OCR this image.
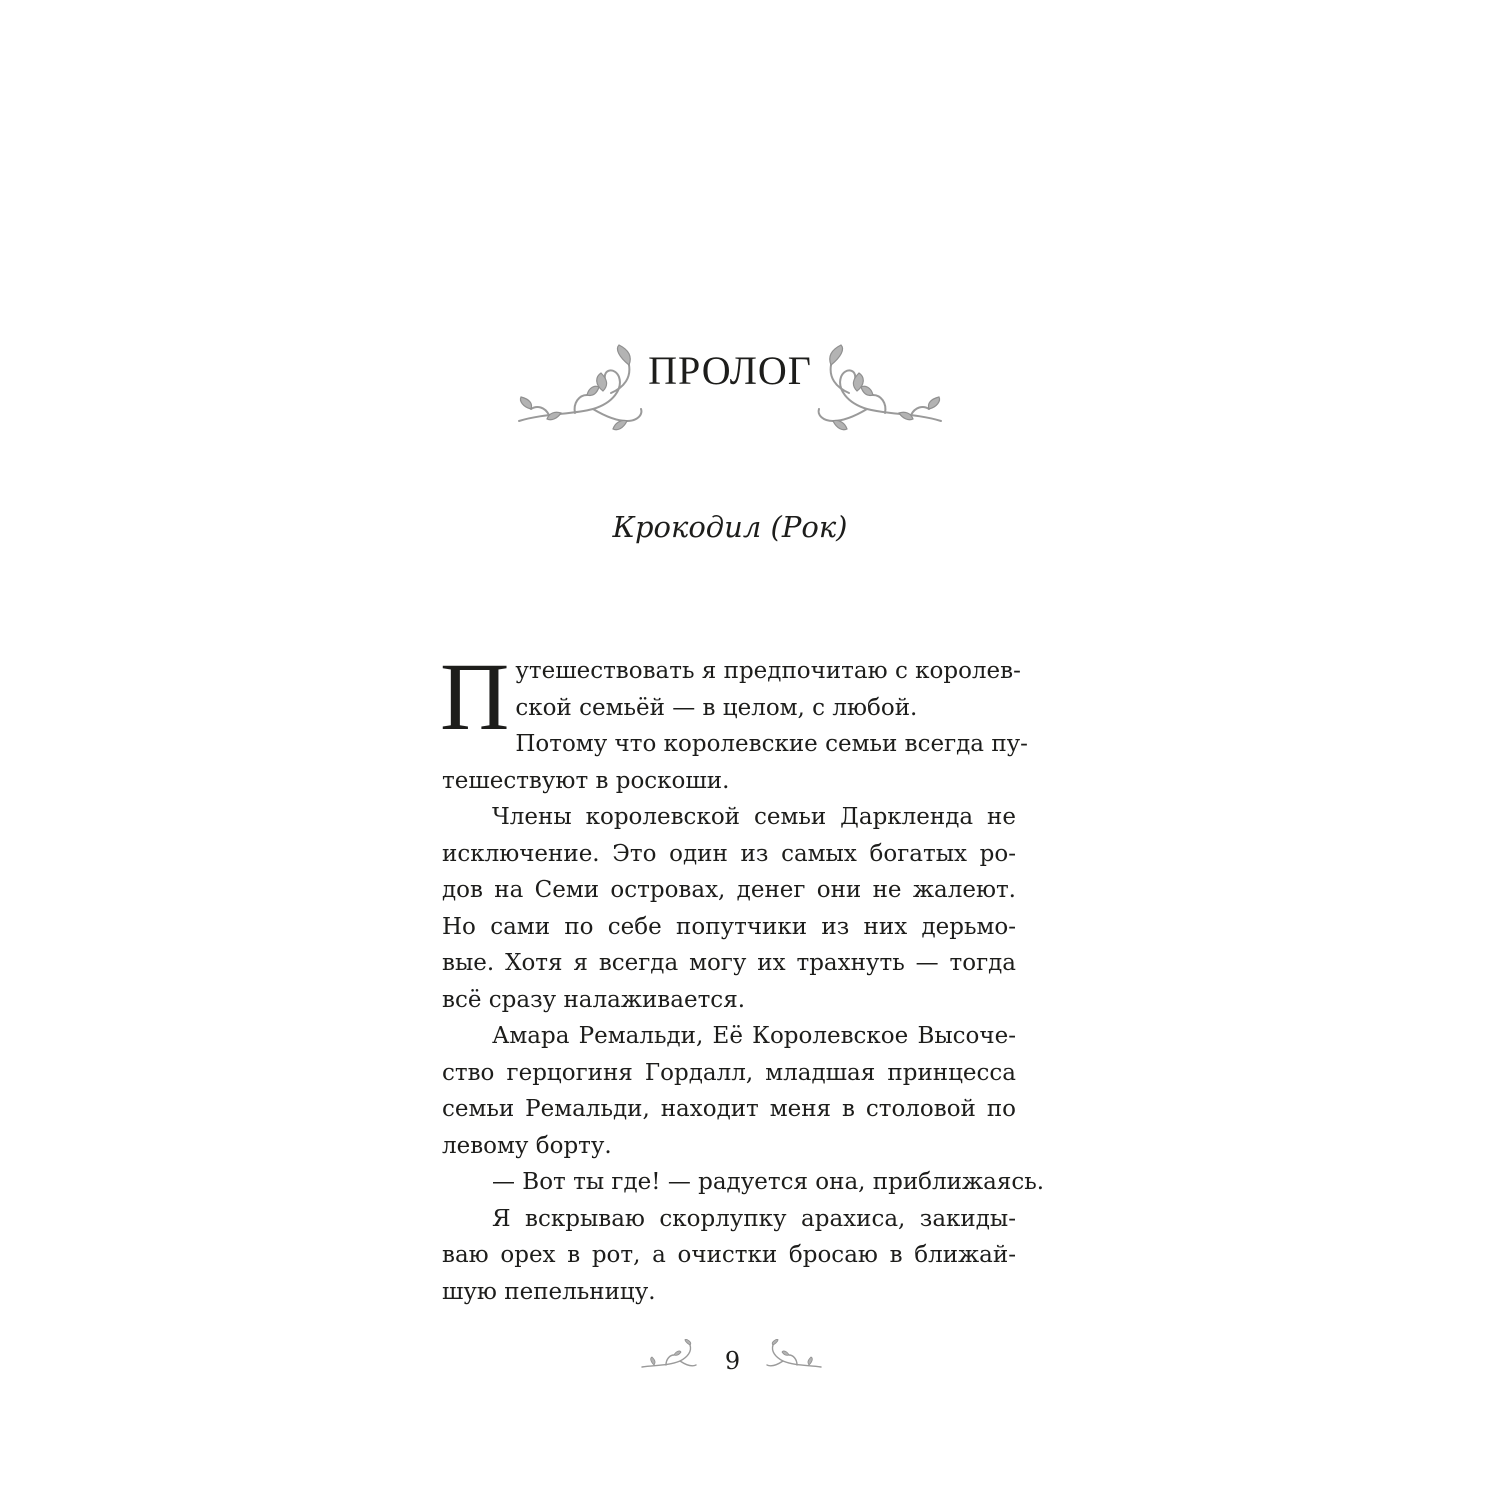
ПРОЛОГ
Крокодил (Рок)
П утешествовать я предпочитаю с королев-
ской семьёй — в целом, с любой.
Потому что королевские семьи всегда пу-
тешествуют в роскоши.
Члены королевской семьи Даркленда не
исключение. Это один из самых богатых ро-
дов на Семи островах, денег они не жалеют.
Но сами по себе попутчики из них дерьмо-
вые. Хотя я всегда могу их трахнуть — тогда
всё сразу налаживается.
Амара Ремальди, Её Королевское Высоче-
ство герцогиня Гордалл, младшая принцесса
семьи Ремальди, находит меня в столовой по
левому борту.
— Вот ты где! — радуется она, приближаясь.
Я вскрываю скорлупку арахиса, закиды-
ваю орех в рот, а очистки бросаю в ближай-
шую пепельницу.
9
